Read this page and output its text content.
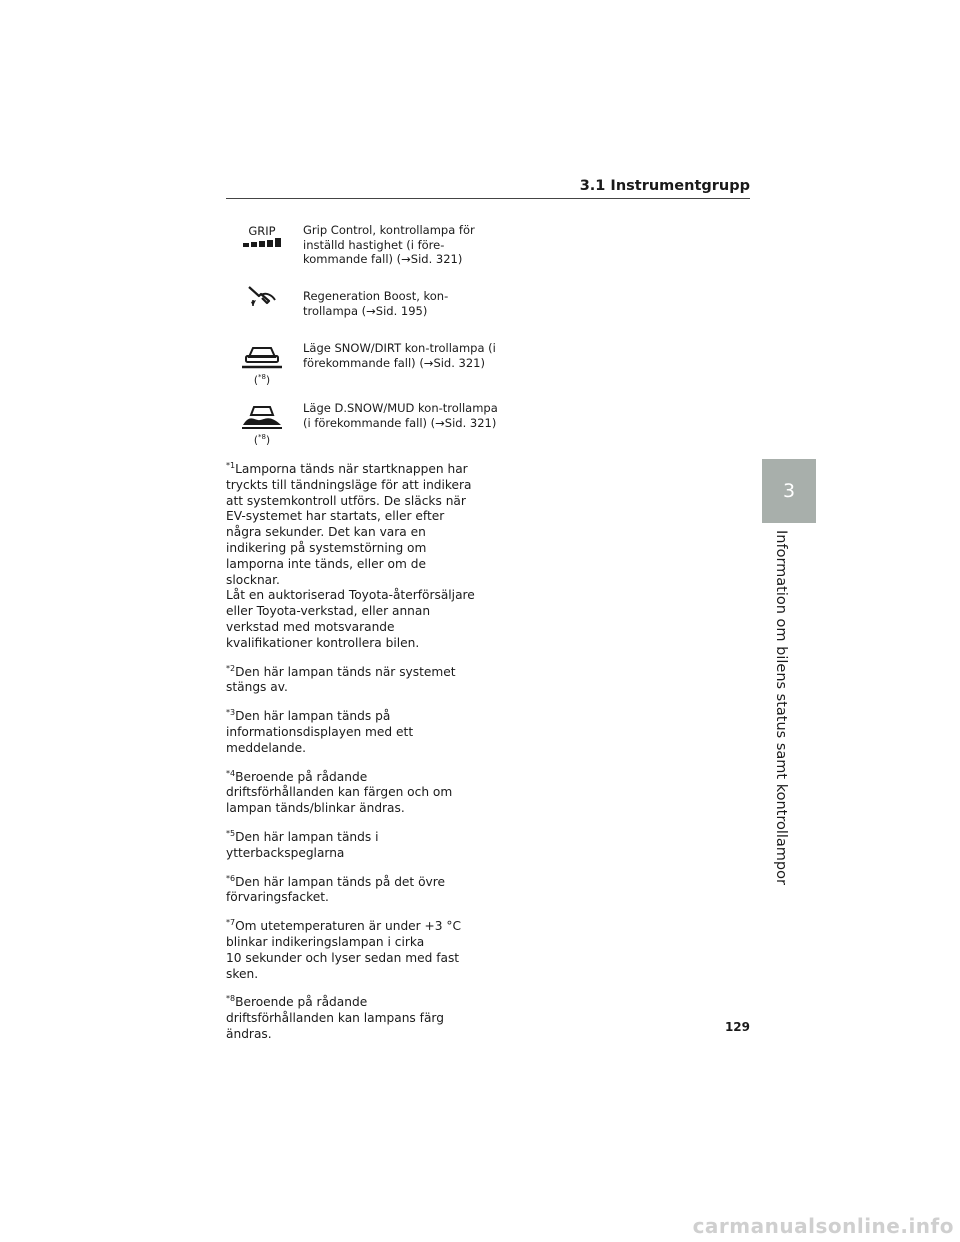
3.1 Instrumentgrupp
GRIP Grip Control, kontrollampa för inställd hastighet (i före-kommande fall) (→Sid. 321)
Regeneration Boost, kon-trollampa (→Sid. 195)
($^{*8}$)
Läge SNOW/DIRT kon-trollampa (i förekommande fall) (→Sid. 321)
($^{*8}$)
Läge D.SNOW/MUD kon-trollampa (i förekommande fall) (→Sid. 321)

$^{*1}$Lamporna tänds när startknappen har
tryckts till tändningsläge för att indikera
att systemkontroll utförs. De släcks när
EV-systemet har startats, eller efter
några sekunder. Det kan vara en
indikering på systemstörning om
lamporna inte tänds, eller om de slocknar.
Låt en auktoriserad Toyota-återförsäljare
eller Toyota-verkstad, eller annan
verkstad med motsvarande
kvalifikationer kontrollera bilen.

$^{*2}$Den här lampan tänds när systemet
stängs av.

$^{*3}$Den här lampan tänds på
informationsdisplayen med ett
meddelande.

$^{*4}$Beroende på rådande
driftsförhållanden kan färgen och om
lampan tänds/blinkar ändras.

$^{*5}$Den här lampan tänds i
ytterbackspeglarna

$^{*6}$Den här lampan tänds på det övre
förvaringsfacket.

$^{*7}$Om utetemperaturen är under +3 °C
blinkar indikeringslampan i cirka
10 sekunder och lyser sedan med fast
sken.

$^{*8}$Beroende på rådande
driftsförhållanden kan lampans färg
ändras.

3
Information om bilens status samt kontrollampor
129
carmanualsonline.info
